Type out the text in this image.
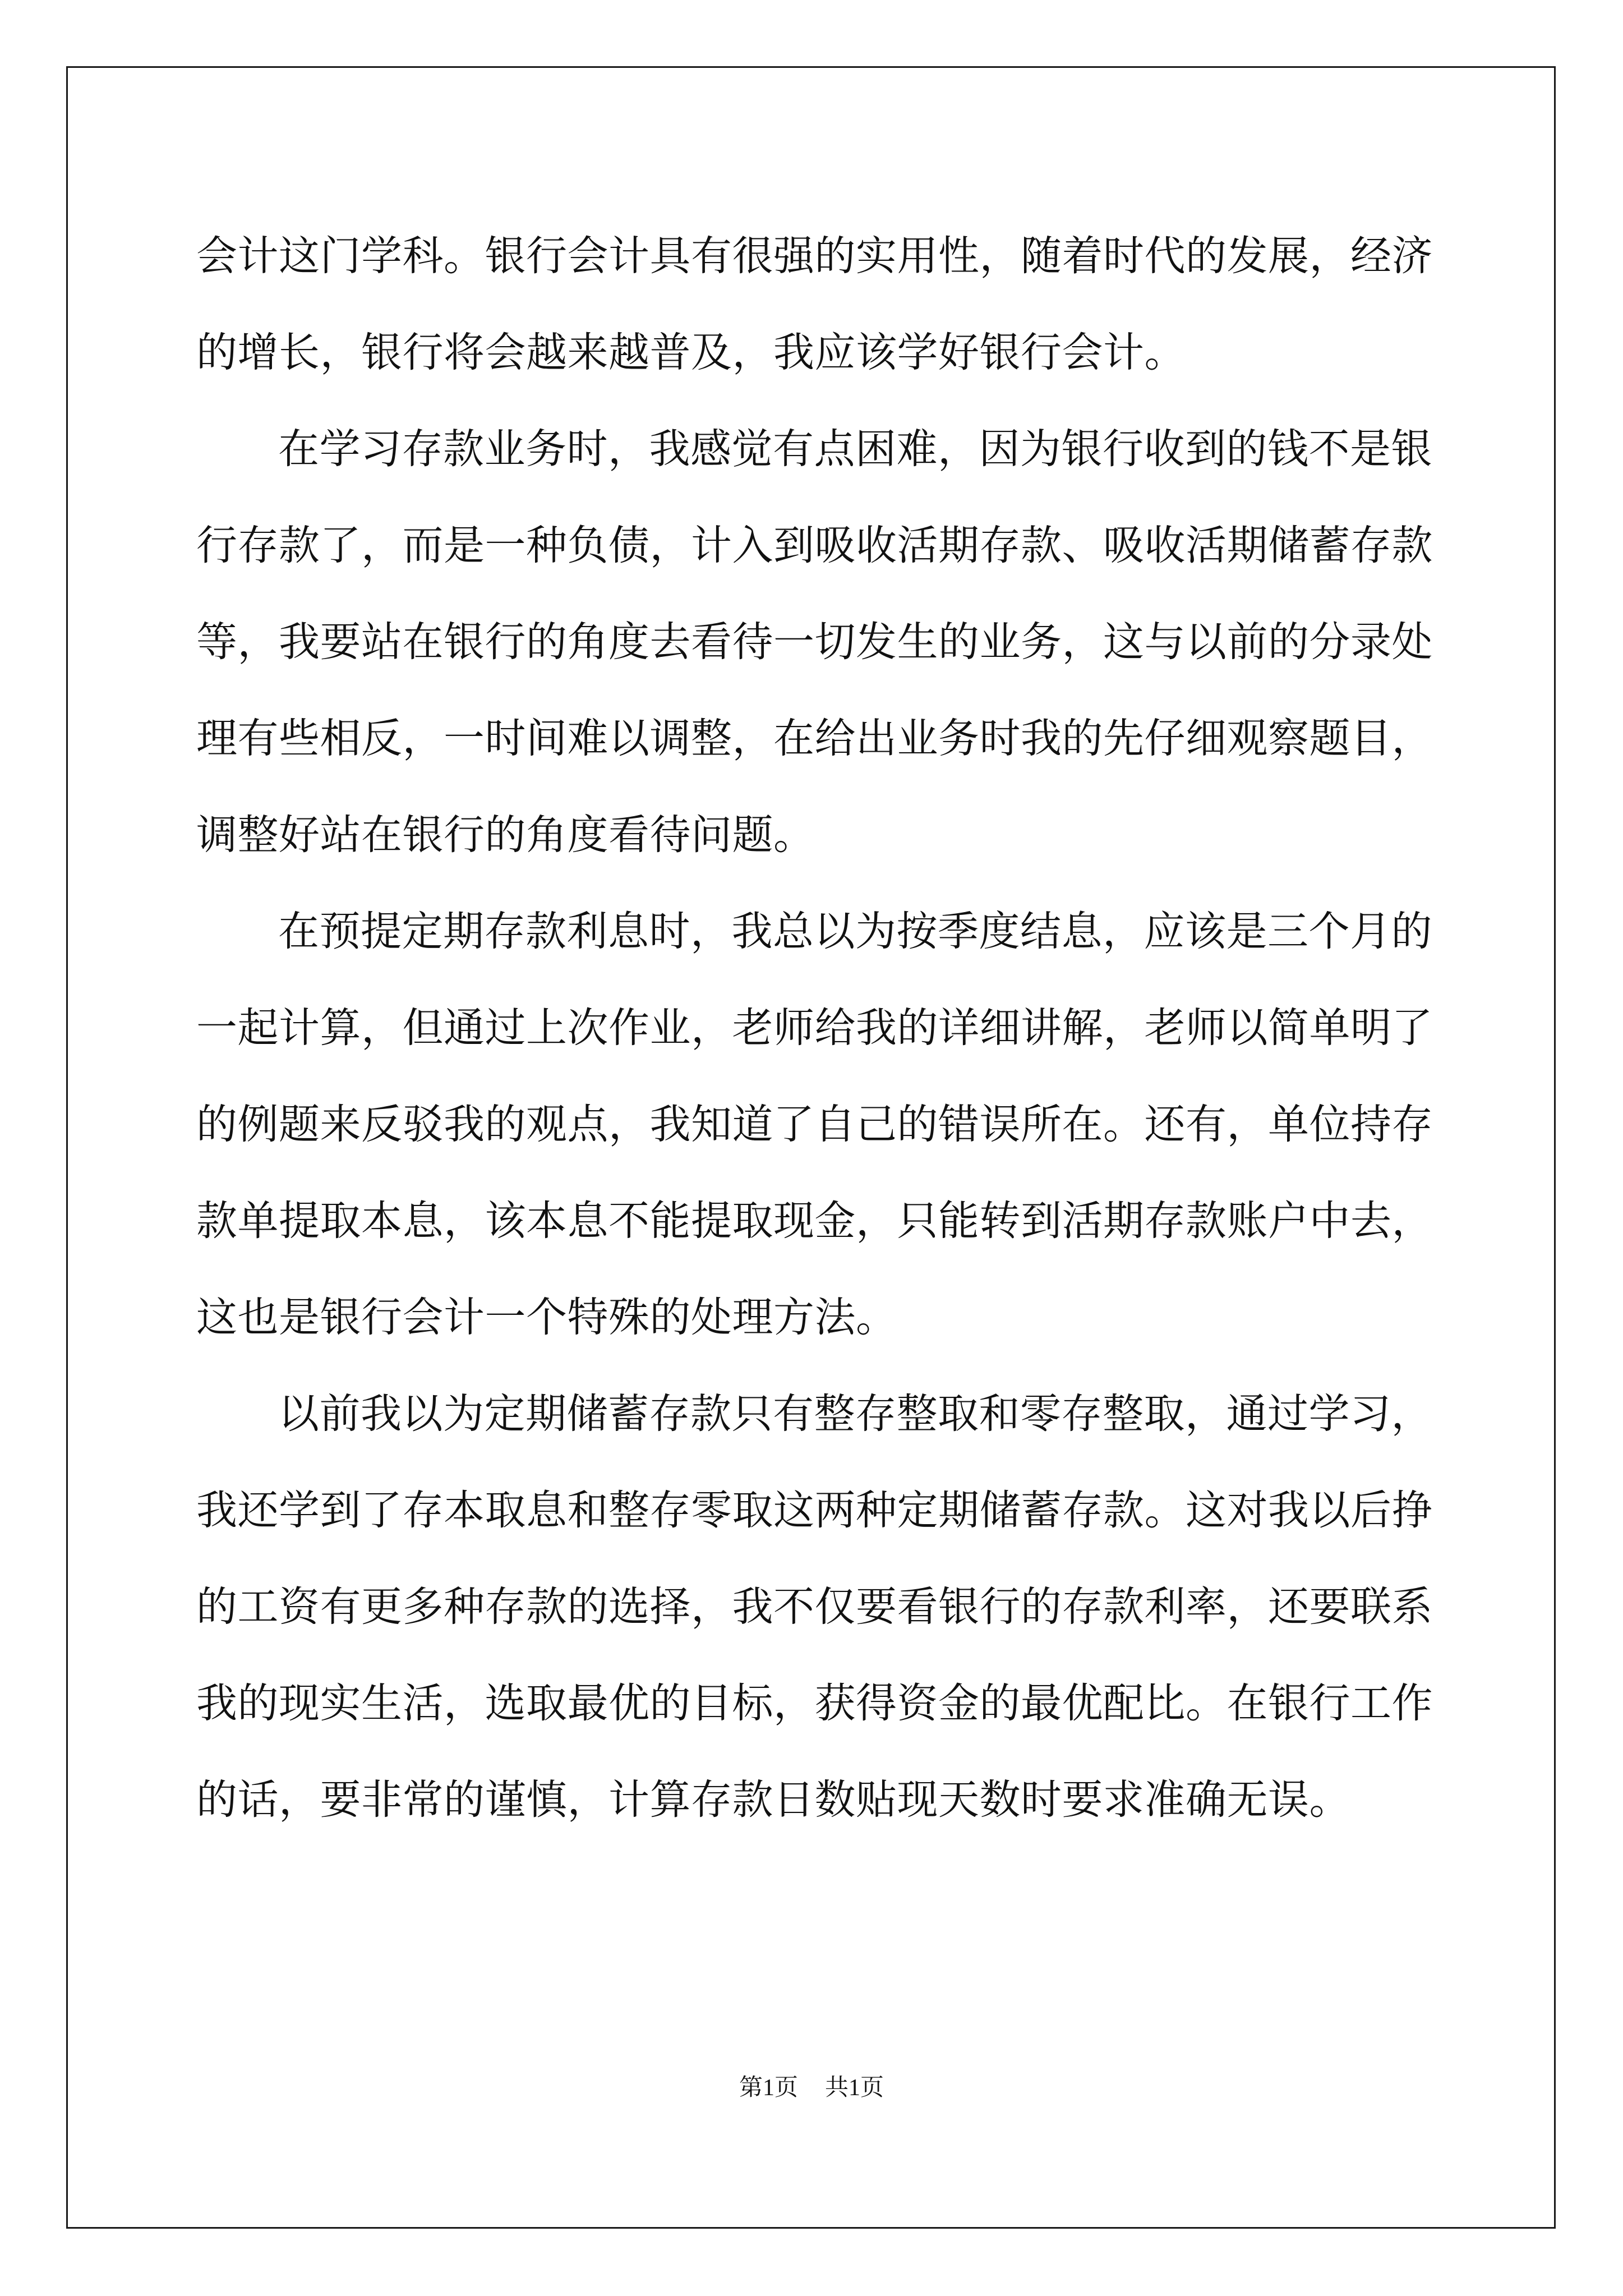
会计这门学科。银行会计具有很强的实用性，随着时代的发展，经济
的增长，银行将会越来越普及，我应该学好银行会计。
在学习存款业务时，我感觉有点困难，因为银行收到的钱不是银
行存款了，而是一种负债，计入到吸收活期存款、吸收活期储蓄存款
等，我要站在银行的角度去看待一切发生的业务，这与以前的分录处
理有些相反，一时间难以调整，在给出业务时我的先仔细观察题目，
调整好站在银行的角度看待问题。
在预提定期存款利息时，我总以为按季度结息，应该是三个月的
一起计算，但通过上次作业，老师给我的详细讲解，老师以简单明了
的例题来反驳我的观点，我知道了自己的错误所在。还有，单位持存
款单提取本息，该本息不能提取现金，只能转到活期存款账户中去，
这也是银行会计一个特殊的处理方法。
以前我以为定期储蓄存款只有整存整取和零存整取，通过学习，
我还学到了存本取息和整存零取这两种定期储蓄存款。这对我以后挣
的工资有更多种存款的选择，我不仅要看银行的存款利率，还要联系
我的现实生活，选取最优的目标，获得资金的最优配比。在银行工作
的话，要非常的谨慎，计算存款日数贴现天数时要求准确无误。
第1页 共1页
